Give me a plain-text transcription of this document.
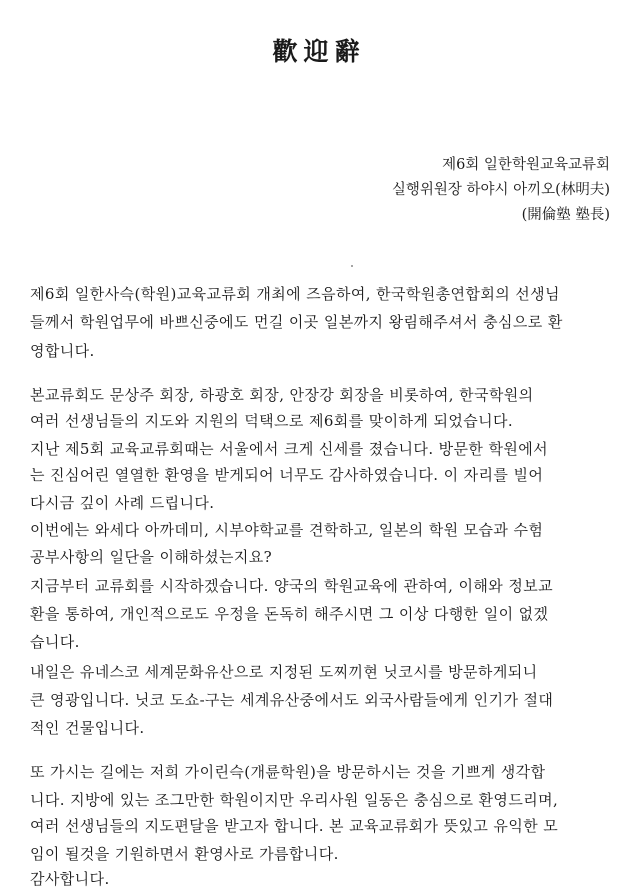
歡迎辭
제6회 일한학원교육교류회
실행위원장 하야시 아끼오(林明夫)
(開倫塾 塾長)
제6회 일한사슥(학원)교육교류회 개최에 즈음하여, 한국학원총연합회의 선생님
들께서 학원업무에 바쁘신중에도 먼길 이곳 일본까지 왕림해주셔서 충심으로 환
영합니다.
본교류회도 문상주 회장, 하광호 회장, 안장강 회장을 비롯하여, 한국학원의
여러 선생님들의 지도와 지원의 덕택으로 제6회를 맞이하게 되었습니다.
지난 제5회 교육교류회때는 서울에서 크게 신세를 졌습니다. 방문한 학원에서
는 진심어린 열열한 환영을 받게되어 너무도 감사하였습니다. 이 자리를 빌어
다시금 깊이 사례 드립니다.
이번에는 와세다 아까데미, 시부야학교를 견학하고, 일본의 학원 모습과 수험
공부사항의 일단을 이해하셨는지요?
지금부터 교류회를 시작하겠습니다. 양국의 학원교육에 관하여, 이해와 정보교
환을 통하여, 개인적으로도 우정을 돈독히 해주시면 그 이상 다행한 일이 없겠
습니다.
내일은 유네스코 세계문화유산으로 지정된 도찌끼현 닛코시를 방문하게되니
큰 영광입니다. 닛코 도쇼-구는 세계유산중에서도 외국사람들에게 인기가 절대
적인 건물입니다.
또 가시는 길에는 저희 가이린슥(개륜학원)을 방문하시는 것을 기쁘게 생각합
니다. 지방에 있는 조그만한 학원이지만 우리사원 일동은 충심으로 환영드리며,
여러 선생님들의 지도편달을 받고자 합니다. 본 교육교류회가 뜻있고 유익한 모
임이 될것을 기원하면서 환영사로 가름합니다.
감사합니다.
